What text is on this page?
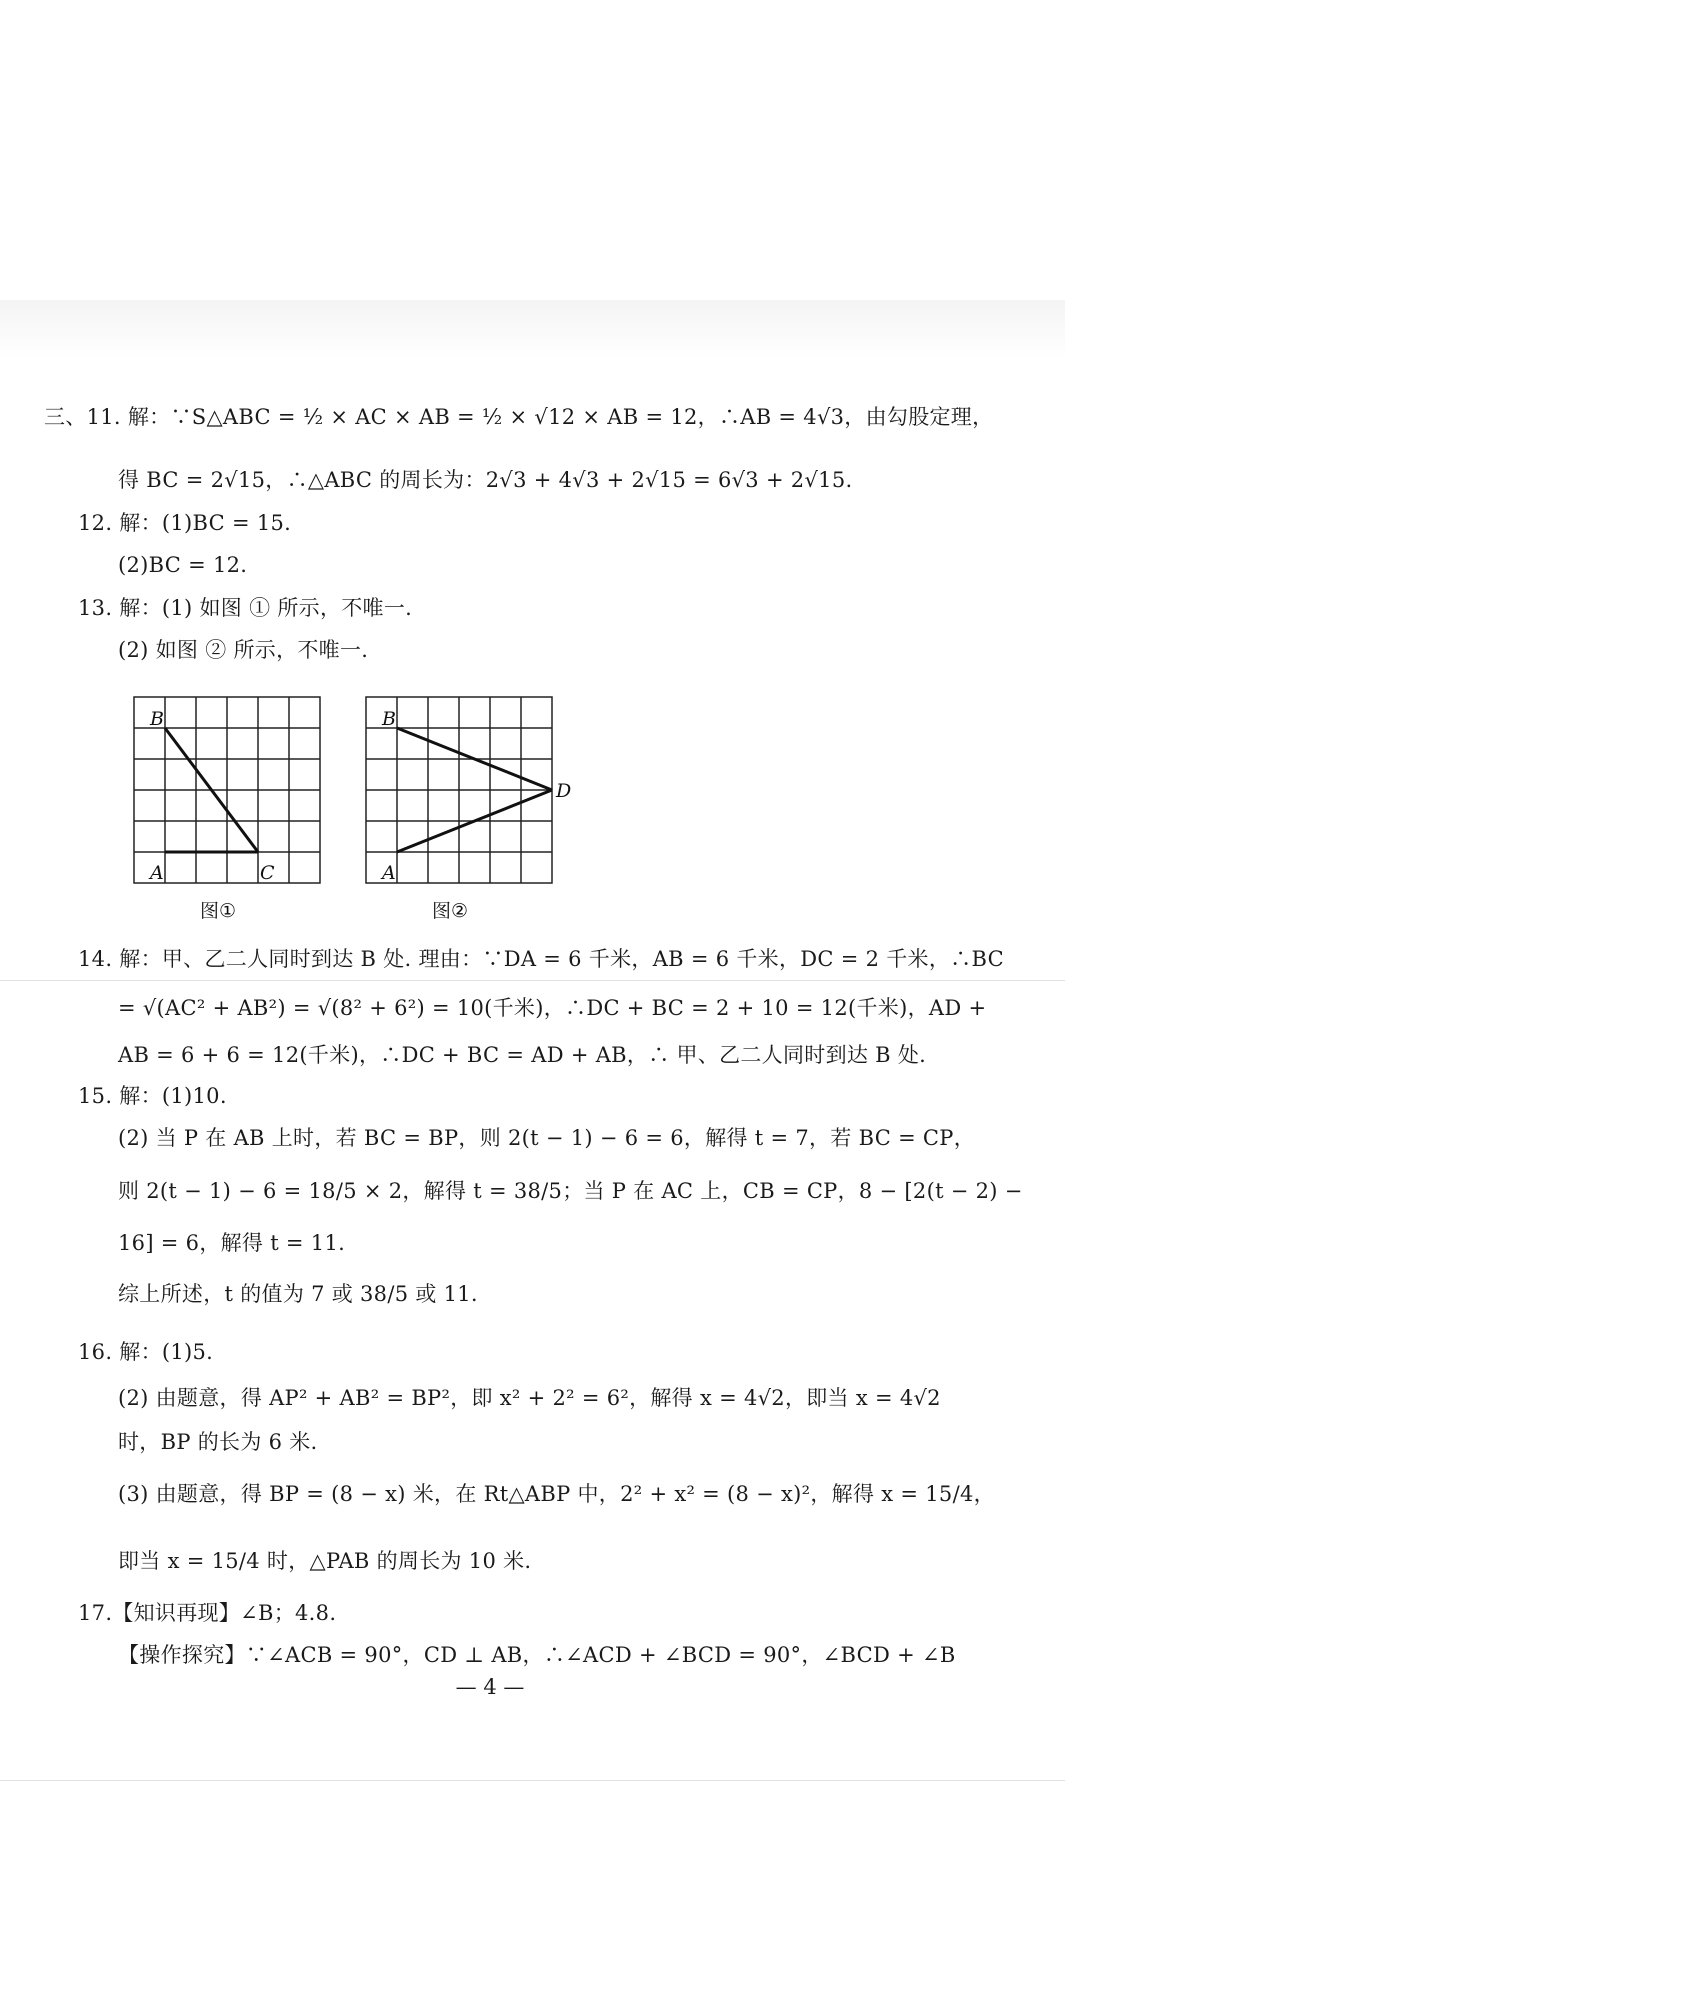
三、11. 解：∵S△ABC = ½ × AC × AB = ½ × √12 × AB = 12，∴AB = 4√3，由勾股定理，
得 BC = 2√15，∴△ABC 的周长为：2√3 + 4√3 + 2√15 = 6√3 + 2√15.
12. 解：(1)BC = 15.
(2)BC = 12.
13. 解：(1) 如图 ① 所示，不唯一.
(2) 如图 ② 所示，不唯一.
B
A	C
B
A
D
图①	图②
14. 解：甲、乙二人同时到达 B 处. 理由：∵DA = 6 千米，AB = 6 千米，DC = 2 千米，∴BC
= √(AC² + AB²) = √(8² + 6²) = 10(千米)，∴DC + BC = 2 + 10 = 12(千米)，AD +
AB = 6 + 6 = 12(千米)，∴DC + BC = AD + AB，∴ 甲、乙二人同时到达 B 处.
15. 解：(1)10.
(2) 当 P 在 AB 上时，若 BC = BP，则 2(t − 1) − 6 = 6，解得 t = 7，若 BC = CP，
则 2(t − 1) − 6 = 18/5 × 2，解得 t = 38/5；当 P 在 AC 上，CB = CP，8 − [2(t − 2) −
16] = 6，解得 t = 11.
综上所述，t 的值为 7 或 38/5 或 11.
16. 解：(1)5.
(2) 由题意，得 AP² + AB² = BP²，即 x² + 2² = 6²，解得 x = 4√2，即当 x = 4√2
时，BP 的长为 6 米.
(3) 由题意，得 BP = (8 − x) 米，在 Rt△ABP 中，2² + x² = (8 − x)²，解得 x = 15/4，
即当 x = 15/4 时，△PAB 的周长为 10 米.
17.【知识再现】∠B；4.8.
【操作探究】∵∠ACB = 90°，CD ⊥ AB，∴∠ACD + ∠BCD = 90°，∠BCD + ∠B
— 4 —
